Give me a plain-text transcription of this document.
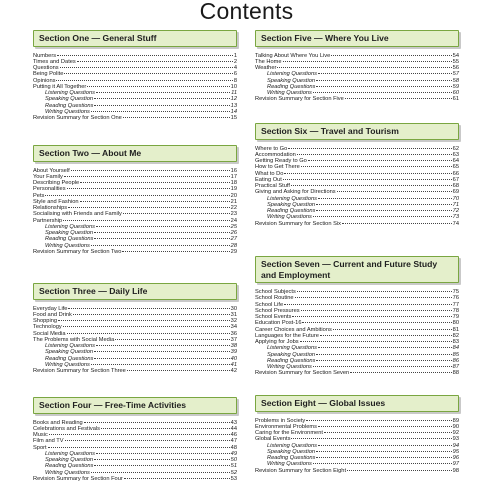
Contents
Section One — General Stuff
Numbers	1
Times and Dates	2
Questions	4
Being Polite	6
Opinions	8
Putting it All Together	10
Listening Questions	11
Speaking Question	12
Reading Questions	13
Writing Questions	14
Revision Summary for Section One	15
Section Two — About Me
About Yourself	16
Your Family	17
Describing People	18
Personalities	19
Pets	20
Style and Fashion	21
Relationships	22
Socialising with Friends and Family	23
Partnership	24
Listening Questions	25
Speaking Question	26
Reading Questions	27
Writing Questions	28
Revision Summary for Section Two	29
Section Three — Daily Life
Everyday Life	30
Food and Drink	31
Shopping	32
Technology	34
Social Media	36
The Problems with Social Media	37
Listening Questions	38
Speaking Question	39
Reading Questions	40
Writing Questions	41
Revision Summary for Section Three	42
Section Four — Free-Time Activities
Books and Reading	43
Celebrations and Festivals	44
Music	46
Film and TV	47
Sport	48
Listening Questions	49
Speaking Question	50
Reading Questions	51
Writing Questions	52
Revision Summary for Section Four	53
Section Five — Where You Live
Talking About Where You Live	54
The Home	55
Weather	56
Listening Questions	57
Speaking Question	58
Reading Questions	59
Writing Questions	60
Revision Summary for Section Five	61
Section Six — Travel and Tourism
Where to Go	62
Accommodation	63
Getting Ready to Go	64
How to Get There	65
What to Do	66
Eating Out	67
Practical Stuff	68
Giving and Asking for Directions	69
Listening Questions	70
Speaking Question	71
Reading Questions	72
Writing Questions	73
Revision Summary for Section Six	74
Section Seven — Current and Future Study and Employment
School Subjects	75
School Routine	76
School Life	77
School Pressures	78
School Events	79
Education Post-16	80
Career Choices and Ambitions	81
Languages for the Future	82
Applying for Jobs	83
Listening Questions	84
Speaking Question	85
Reading Questions	86
Writing Questions	87
Revision Summary for Section Seven	88
Section Eight — Global Issues
Problems in Society	89
Environmental Problems	90
Caring for the Environment	92
Global Events	93
Listening Questions	94
Speaking Question	95
Reading Questions	96
Writing Questions	97
Revision Summary for Section Eight	98
